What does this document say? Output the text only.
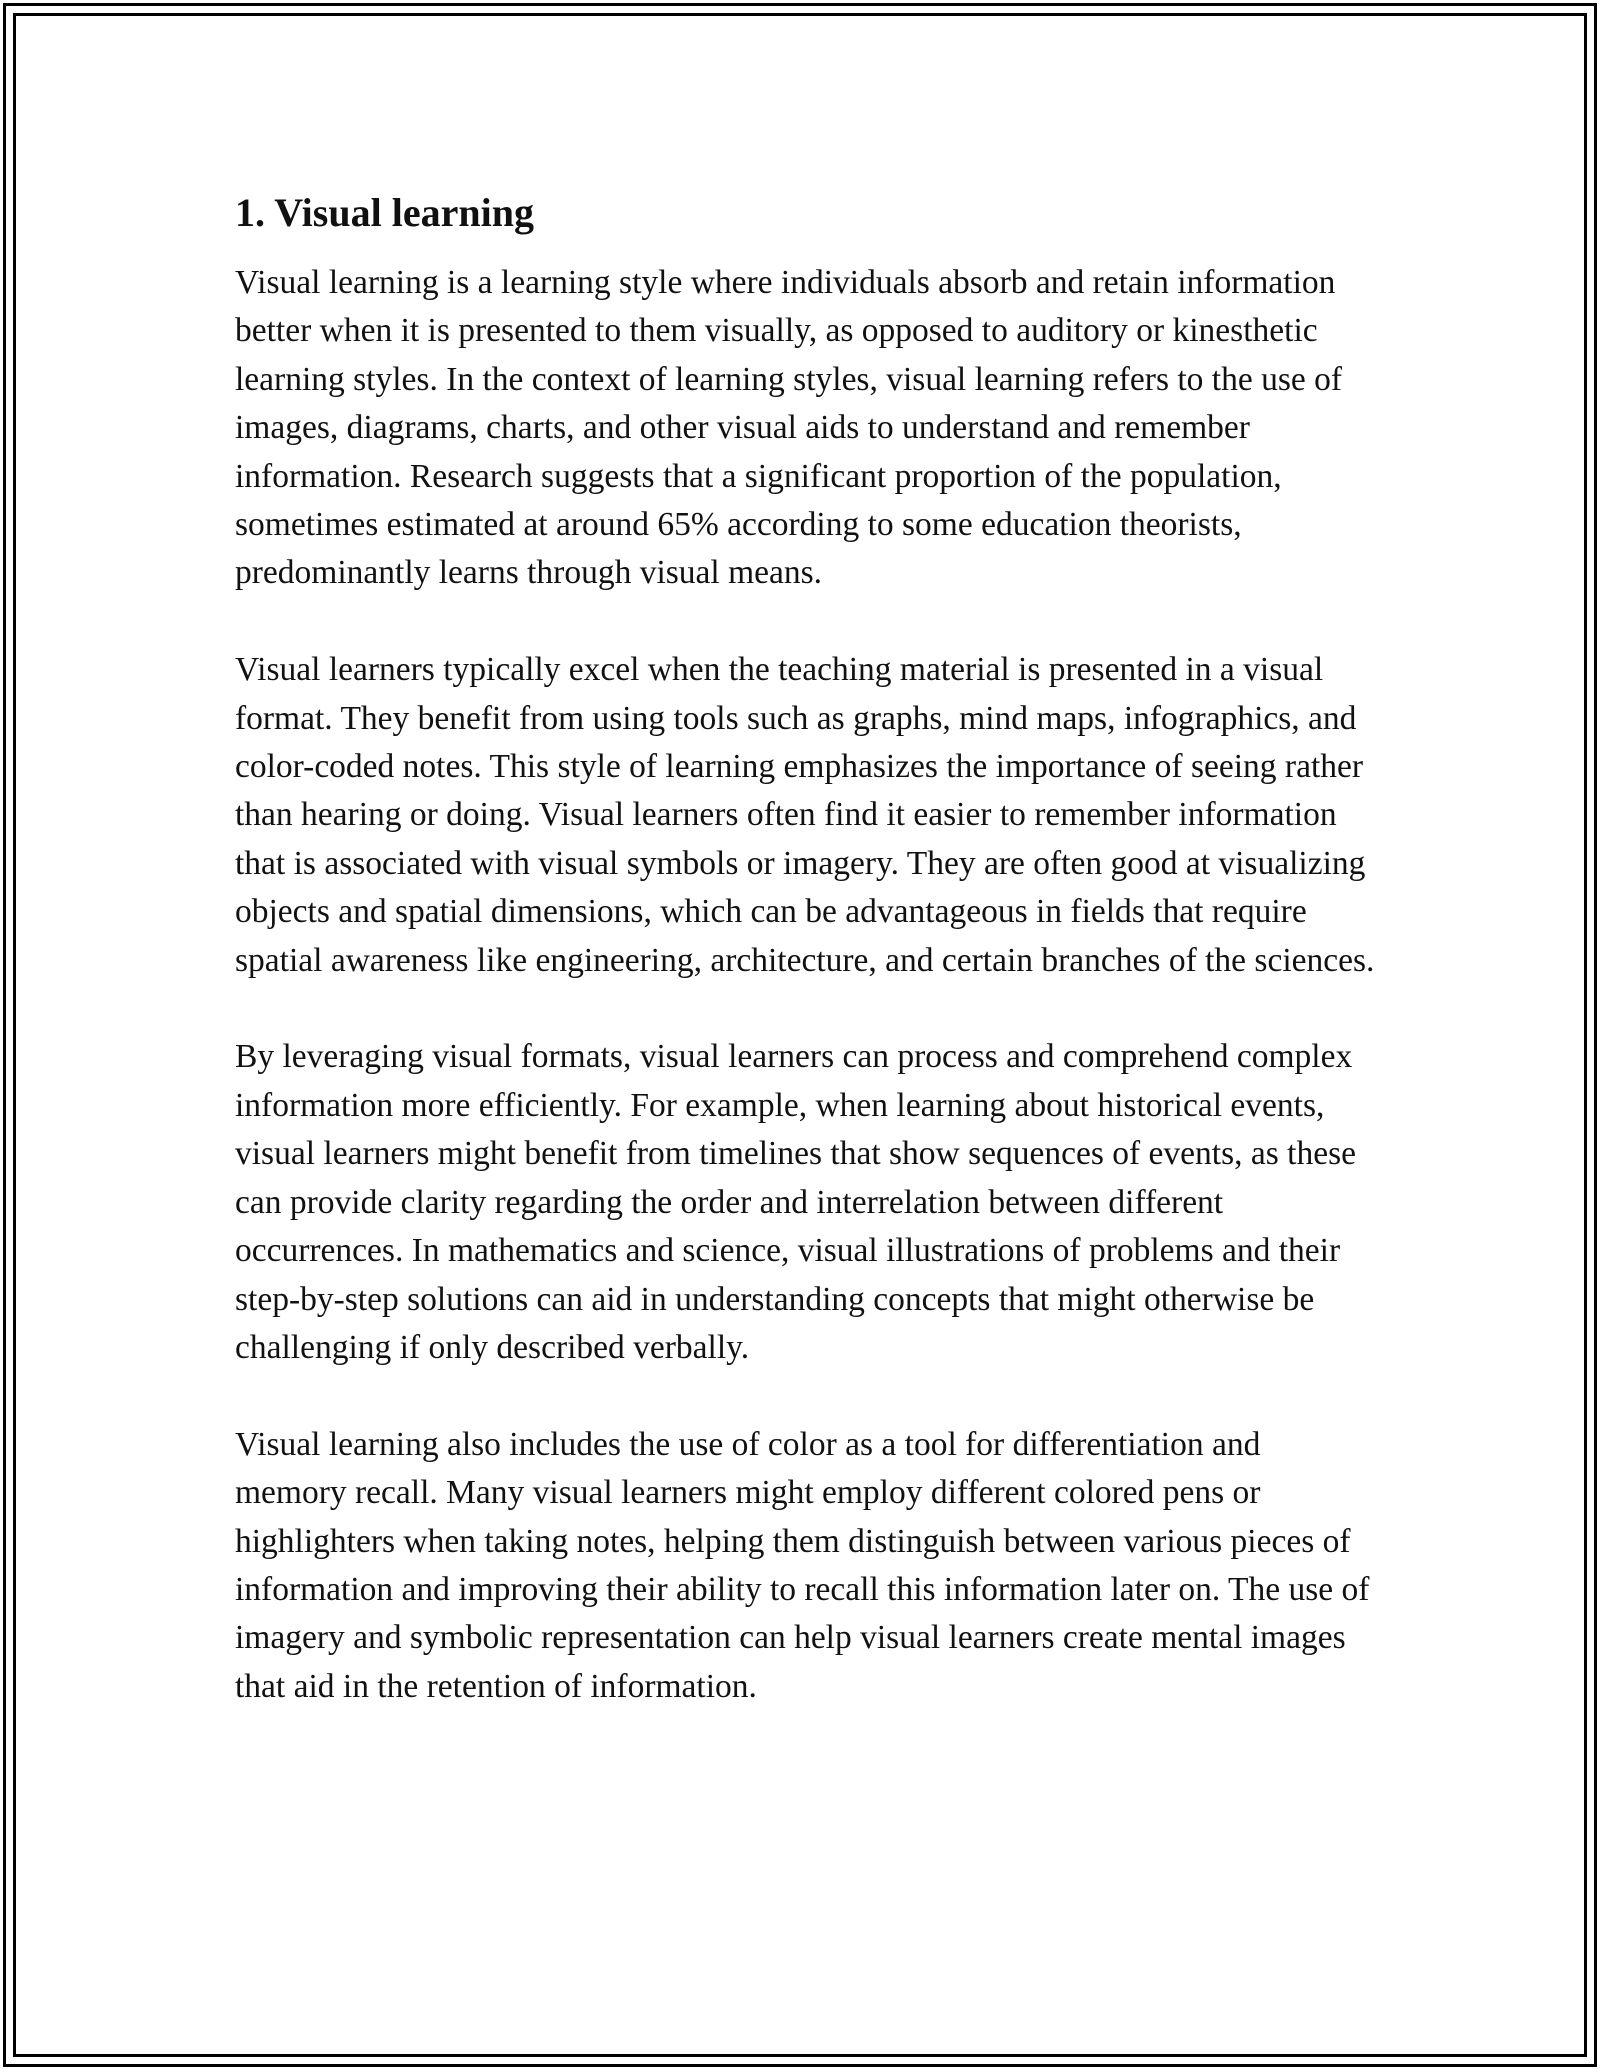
1. Visual learning

Visual learning is a learning style where individuals absorb and retain information better when it is presented to them visually, as opposed to auditory or kinesthetic learning styles. In the context of learning styles, visual learning refers to the use of images, diagrams, charts, and other visual aids to understand and remember information. Research suggests that a significant proportion of the population, sometimes estimated at around 65% according to some education theorists, predominantly learns through visual means.

Visual learners typically excel when the teaching material is presented in a visual format. They benefit from using tools such as graphs, mind maps, infographics, and color-coded notes. This style of learning emphasizes the importance of seeing rather than hearing or doing. Visual learners often find it easier to remember information that is associated with visual symbols or imagery. They are often good at visualizing objects and spatial dimensions, which can be advantageous in fields that require spatial awareness like engineering, architecture, and certain branches of the sciences.

By leveraging visual formats, visual learners can process and comprehend complex information more efficiently. For example, when learning about historical events, visual learners might benefit from timelines that show sequences of events, as these can provide clarity regarding the order and interrelation between different occurrences. In mathematics and science, visual illustrations of problems and their step-by-step solutions can aid in understanding concepts that might otherwise be challenging if only described verbally.

Visual learning also includes the use of color as a tool for differentiation and memory recall. Many visual learners might employ different colored pens or highlighters when taking notes, helping them distinguish between various pieces of information and improving their ability to recall this information later on. The use of imagery and symbolic representation can help visual learners create mental images that aid in the retention of information.
